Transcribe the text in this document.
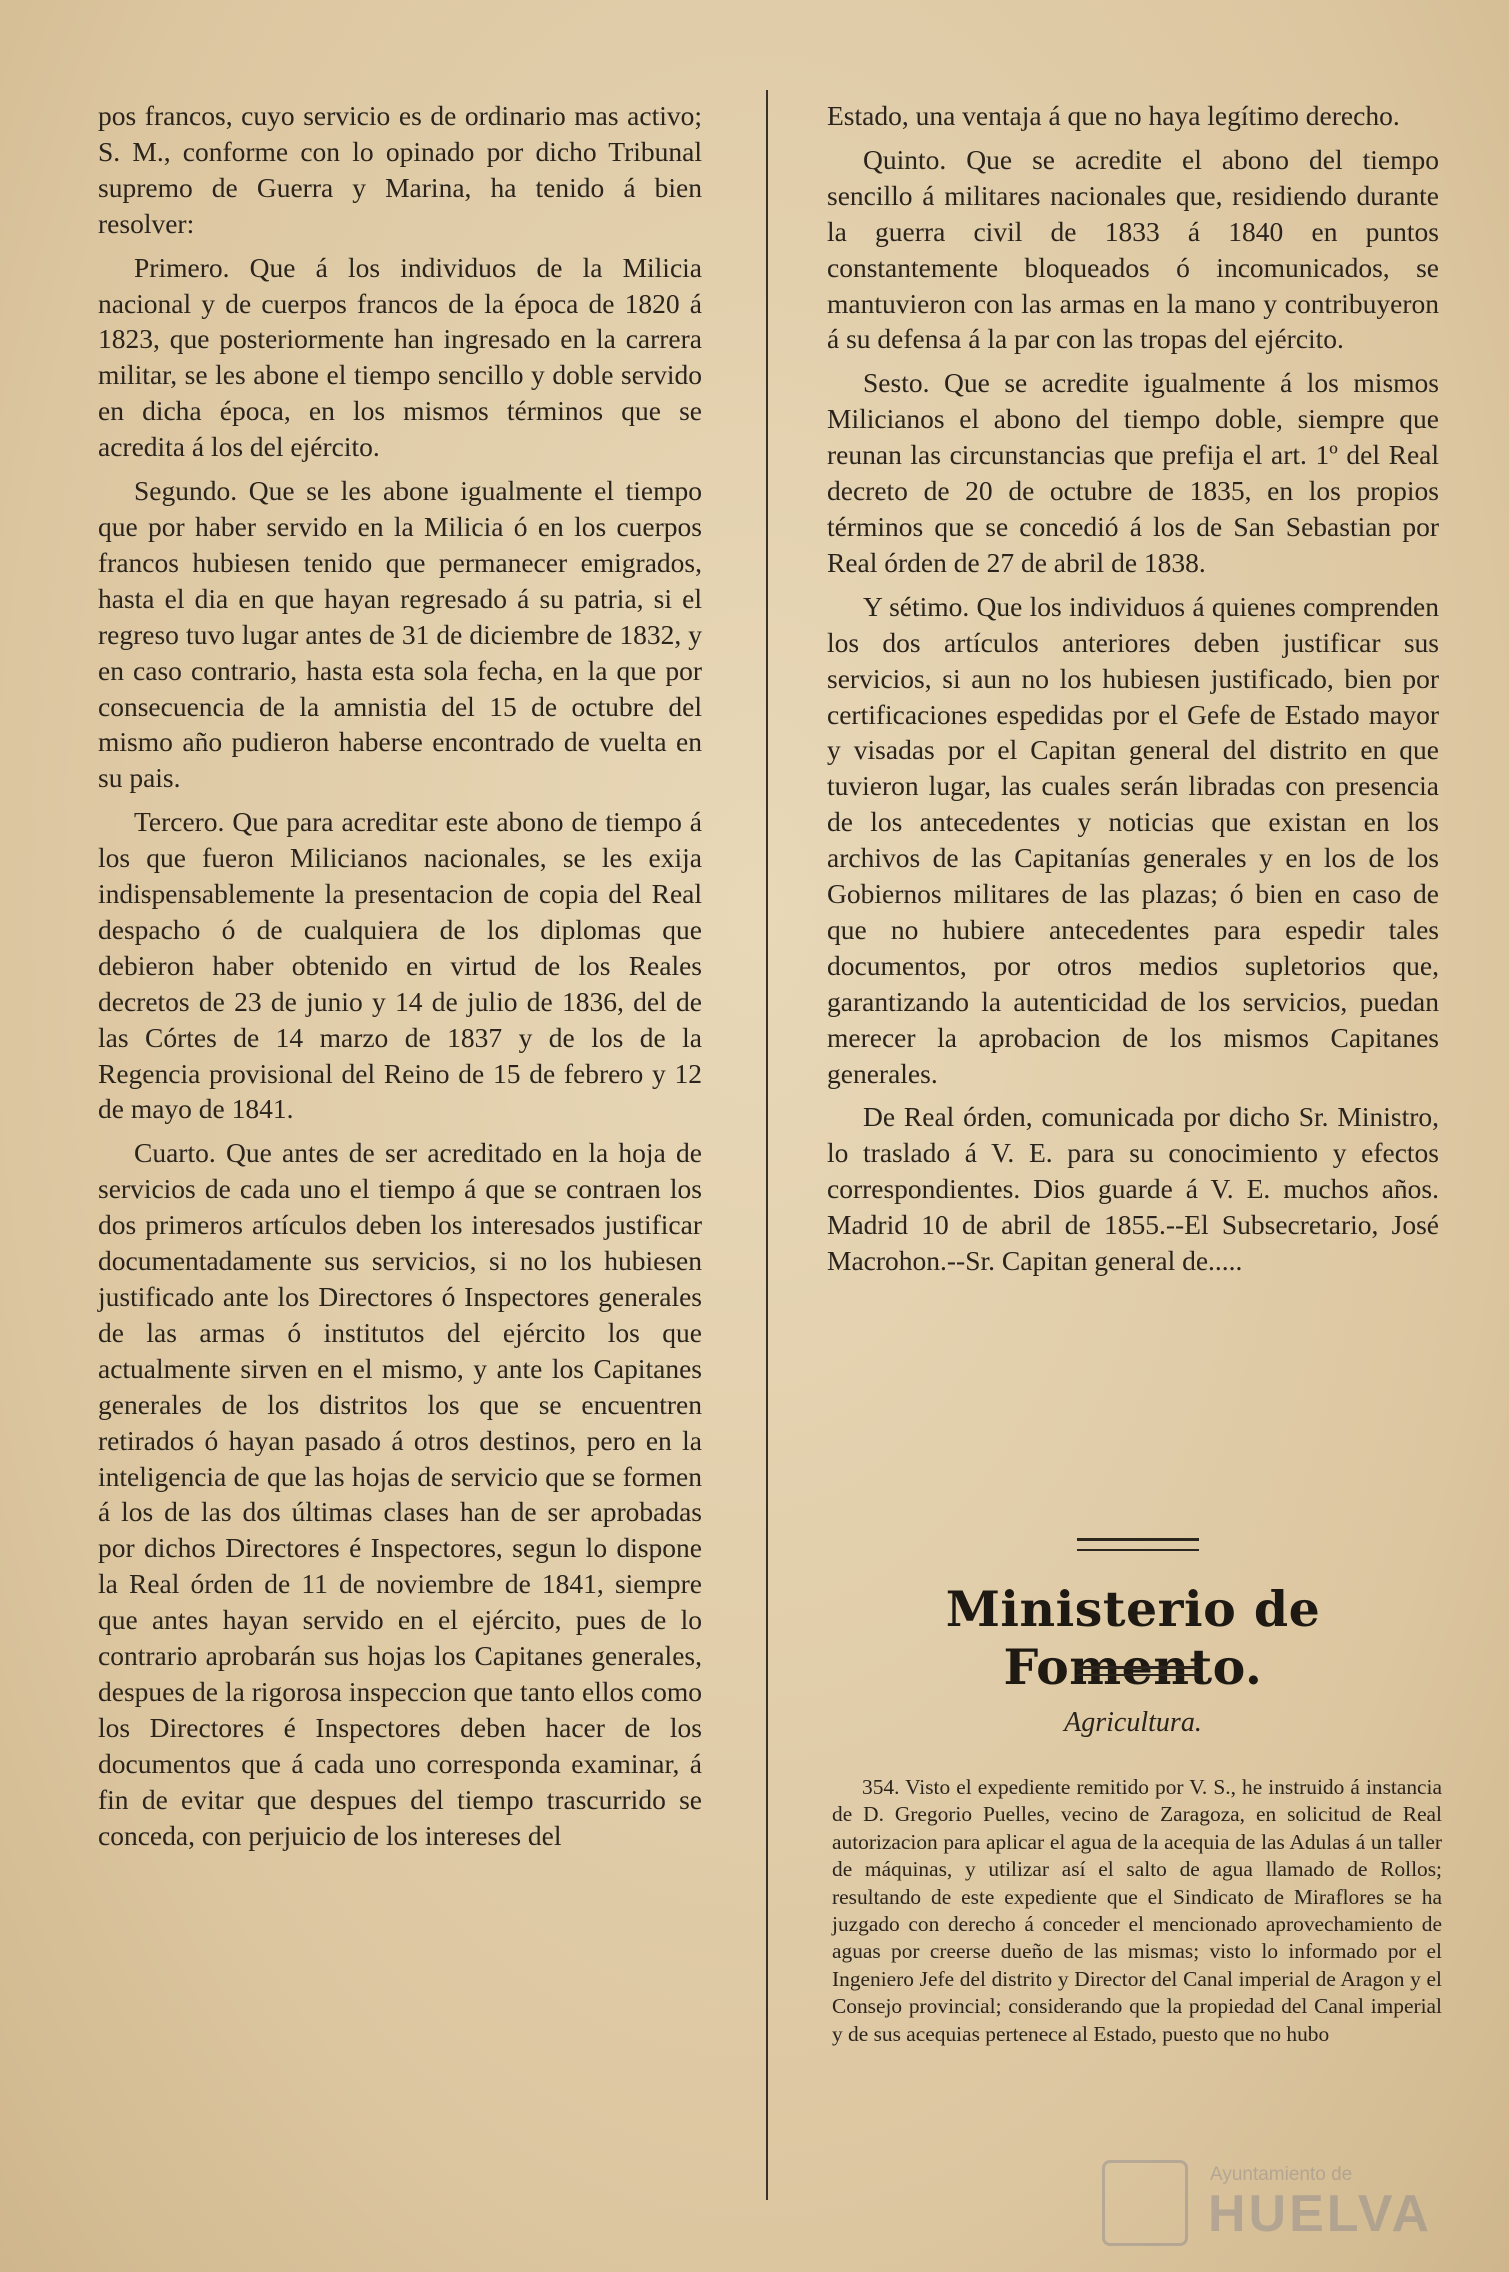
pos francos, cuyo servicio es de ordinario mas activo; S. M., conforme con lo opinado por dicho Tribunal supremo de Guerra y Marina, ha tenido á bien resolver:

Primero. Que á los individuos de la Milicia nacional y de cuerpos francos de la época de 1820 á 1823, que posteriormente han ingresado en la carrera militar, se les abone el tiempo sencillo y doble servido en dicha época, en los mismos términos que se acredita á los del ejército.

Segundo. Que se les abone igualmente el tiempo que por haber servido en la Milicia ó en los cuerpos francos hubiesen tenido que permanecer emigrados, hasta el dia en que hayan regresado á su patria, si el regreso tuvo lugar antes de 31 de diciembre de 1832, y en caso contrario, hasta esta sola fecha, en la que por consecuencia de la amnistia del 15 de octubre del mismo año pudieron haberse encontrado de vuelta en su pais.

Tercero. Que para acreditar este abono de tiempo á los que fueron Milicianos nacionales, se les exija indispensablemente la presentacion de copia del Real despacho ó de cualquiera de los diplomas que debieron haber obtenido en virtud de los Reales decretos de 23 de junio y 14 de julio de 1836, del de las Córtes de 14 marzo de 1837 y de los de la Regencia provisional del Reino de 15 de febrero y 12 de mayo de 1841.

Cuarto. Que antes de ser acreditado en la hoja de servicios de cada uno el tiempo á que se contraen los dos primeros artículos deben los interesados justificar documentadamente sus servicios, si no los hubiesen justificado ante los Directores ó Inspectores generales de las armas ó institutos del ejército los que actualmente sirven en el mismo, y ante los Capitanes generales de los distritos los que se encuentren retirados ó hayan pasado á otros destinos, pero en la inteligencia de que las hojas de servicio que se formen á los de las dos últimas clases han de ser aprobadas por dichos Directores é Inspectores, segun lo dispone la Real órden de 11 de noviembre de 1841, siempre que antes hayan servido en el ejército, pues de lo contrario aprobarán sus hojas los Capitanes generales, despues de la rigorosa inspeccion que tanto ellos como los Directores é Inspectores deben hacer de los documentos que á cada uno corresponda examinar, á fin de evitar que despues del tiempo trascurrido se conceda, con perjuicio de los intereses del

Estado, una ventaja á que no haya legítimo derecho.

Quinto. Que se acredite el abono del tiempo sencillo á militares nacionales que, residiendo durante la guerra civil de 1833 á 1840 en puntos constantemente bloqueados ó incomunicados, se mantuvieron con las armas en la mano y contribuyeron á su defensa á la par con las tropas del ejército.

Sesto. Que se acredite igualmente á los mismos Milicianos el abono del tiempo doble, siempre que reunan las circunstancias que prefija el art. 1º del Real decreto de 20 de octubre de 1835, en los propios términos que se concedió á los de San Sebastian por Real órden de 27 de abril de 1838.

Y sétimo. Que los individuos á quienes comprenden los dos artículos anteriores deben justificar sus servicios, si aun no los hubiesen justificado, bien por certificaciones espedidas por el Gefe de Estado mayor y visadas por el Capitan general del distrito en que tuvieron lugar, las cuales serán libradas con presencia de los antecedentes y noticias que existan en los archivos de las Capitanías generales y en los de los Gobiernos militares de las plazas; ó bien en caso de que no hubiere antecedentes para espedir tales documentos, por otros medios supletorios que, garantizando la autenticidad de los servicios, puedan merecer la aprobacion de los mismos Capitanes generales.

De Real órden, comunicada por dicho Sr. Ministro, lo traslado á V. E. para su conocimiento y efectos correspondientes. Dios guarde á V. E. muchos años. Madrid 10 de abril de 1855.--El Subsecretario, José Macrohon.--Sr. Capitan general de.....

Ministerio de Fomento.
Agricultura.

354. Visto el expediente remitido por V. S., he instruido á instancia de D. Gregorio Puelles, vecino de Zaragoza, en solicitud de Real autorizacion para aplicar el agua de la acequia de las Adulas á un taller de máquinas, y utilizar así el salto de agua llamado de Rollos; resultando de este expediente que el Sindicato de Miraflores se ha juzgado con derecho á conceder el mencionado aprovechamiento de aguas por creerse dueño de las mismas; visto lo informado por el Ingeniero Jefe del distrito y Director del Canal imperial de Aragon y el Consejo provincial; considerando que la propiedad del Canal imperial y de sus acequias pertenece al Estado, puesto que no hubo

Ayuntamiento de
HUELVA
